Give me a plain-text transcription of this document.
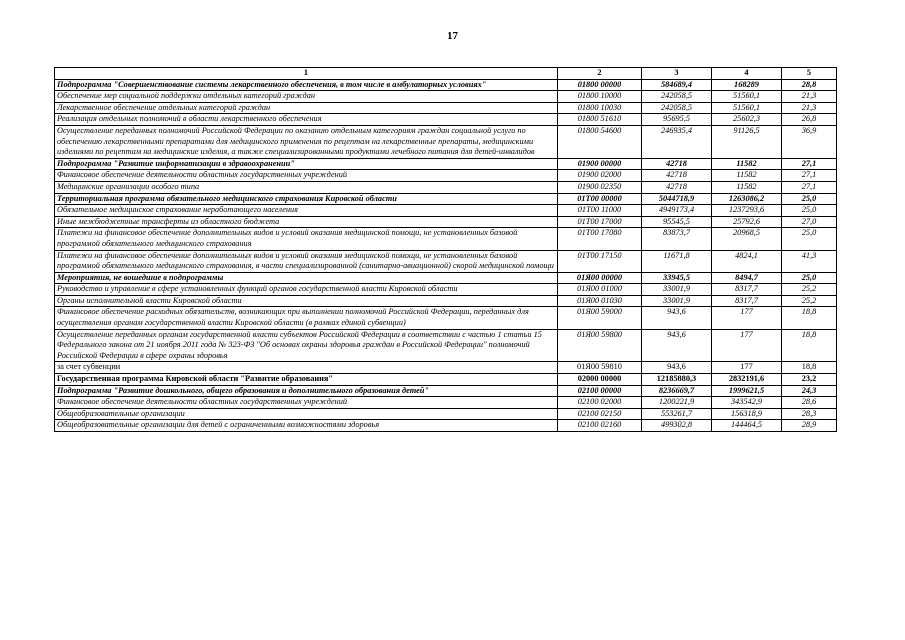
17
1	2	3	4	5
Подпрограмма "Совершенствование системы лекарственного обеспечения, в том числе в амбулаторных условиях"	01800 00000	584689,4	168289	28,8
Обеспечение мер социальной поддержки отдельных категорий граждан	01800 10000	242058,5	51560,1	21,3
Лекарственное обеспечение отдельных категорий граждан	01800 10030	242058,5	51560,1	21,3
Реализация отдельных полномочий в области лекарственного обеспечения	01800 51610	95695,5	25602,3	26,8
Осуществление переданных полномочий Российской Федерации по оказанию отдельным категориям граждан социальной услуги по обеспечению лекарственными препаратами для медицинского применения по рецептам на лекарственные препараты, медицинскими изделиями по рецептам на медицинские изделия, а также специализированными продуктами лечебного питания для детей-инвалидов	01800 54600	246935,4	91126,5	36,9
Подпрограмма "Развитие информатизации в здравоохранении"	01900 00000	42718	11582	27,1
Финансовое обеспечение деятельности областных государственных учреждений	01900 02000	42718	11582	27,1
Медицинские организации особого типа	01900 02350	42718	11582	27,1
Территориальная программа обязательного медицинского страхования Кировской области	01Т00 00000	5044718,9	1263086,2	25,0
Обязательное медицинское страхование неработающего населения	01Т00 11000	4949173,4	1237293,6	25,0
Иные межбюджетные трансферты из областного бюджета	01Т00 17000	95545,5	25792,6	27,0
Платежи на финансовое обеспечение дополнительных видов и условий оказания медицинской помощи, не установленных базовой программой обязательного медицинского страхования	01Т00 17080	83873,7	20968,5	25,0
Платежи на финансовое обеспечение дополнительных видов и условий оказания медицинской помощи, не установленных базовой программой обязательного медицинского страхования, в части специализированной (санитарно-авиационной) скорой медицинской помощи	01Т00 17150	11671,8	4824,1	41,3
Мероприятия, не вошедшие в подпрограммы	01Я00 00000	33945,5	8494,7	25,0
Руководство и управление в сфере установленных функций органов государственной власти Кировской области	01Я00 01000	33001,9	8317,7	25,2
Органы исполнительной власти Кировской области	01Я00 01030	33001,9	8317,7	25,2
Финансовое обеспечение расходных обязательств, возникающих при выполнении полномочий Российской Федерации, переданных для осуществления органам государственной власти Кировской области (в рамках единой субвенции)	01Я00 59000	943,6	177	18,8
Осуществление переданных органам государственной власти субъектов Российской Федерации в соответствии с частью 1 статьи 15 Федерального закона от 21 ноября 2011 года № 323-ФЗ "Об основах охраны здоровья граждан в Российской Федерации" полномочий Российской Федерации в сфере охраны здоровья	01Я00 59800	943,6	177	18,8
за счет субвенции	01Я00 59810	943,6	177	18,8
Государственная программа Кировской области "Развитие образования"	02000 00000	12185880,3	2832191,6	23,2
Подпрограмма "Развитие дошкольного, общего образования и дополнительного образования детей"	02100 00000	8236669,7	1999621,5	24,3
Финансовое обеспечение деятельности областных государственных учреждений	02100 02000	1200221,9	343542,9	28,6
Общеобразовательные организации	02100 02150	553261,7	156318,9	28,3
Общеобразовательные организации для детей с ограниченными возможностями здоровья	02100 02160	499302,8	144464,5	28,9
